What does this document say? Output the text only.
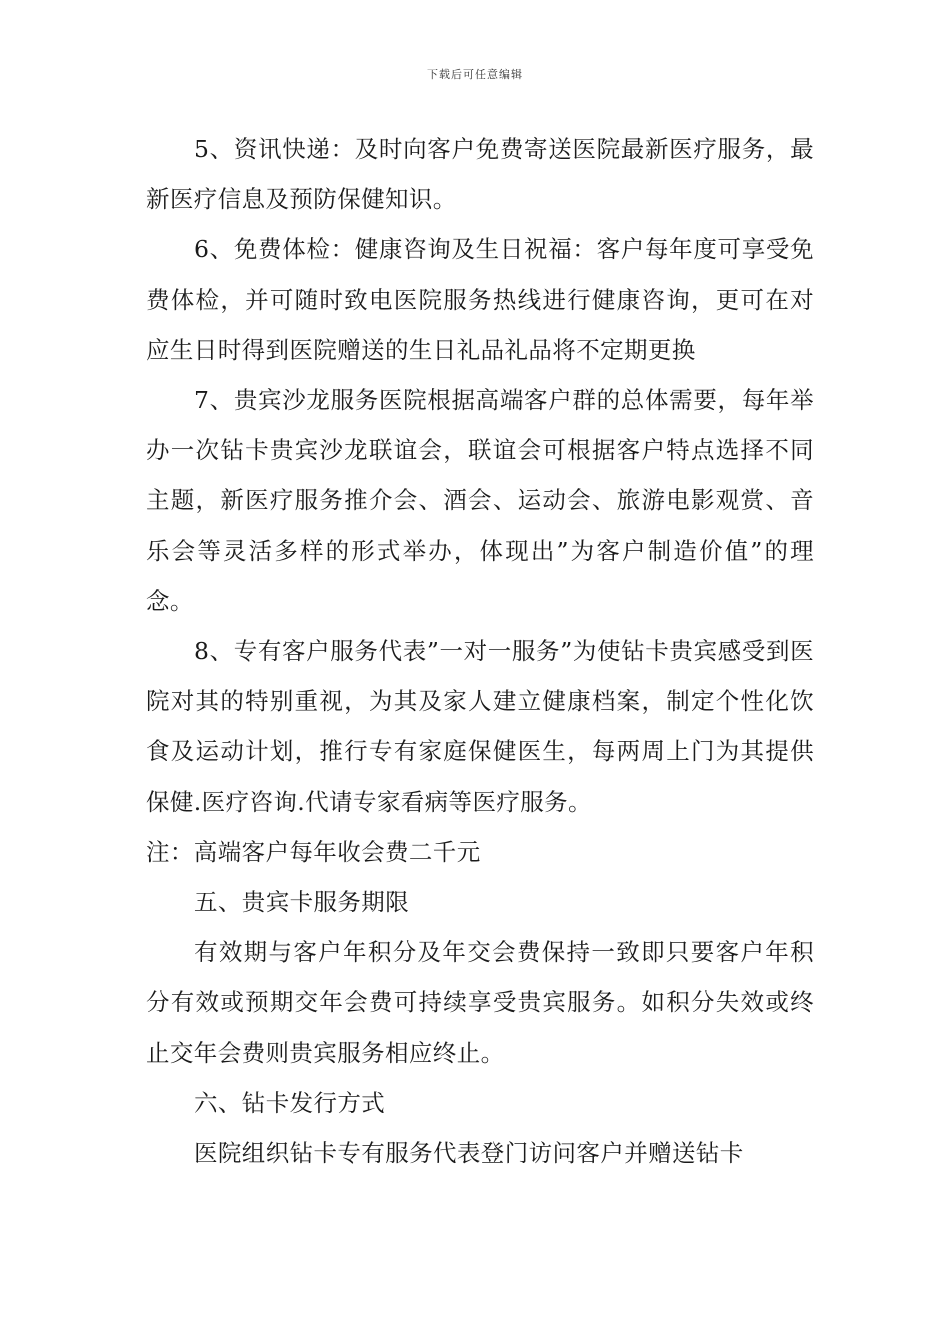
下载后可任意编辑

5、资讯快递：及时向客户免费寄送医院最新医疗服务，最新医疗信息及预防保健知识。

6、免费体检：健康咨询及生日祝福：客户每年度可享受免费体检，并可随时致电医院服务热线进行健康咨询，更可在对应生日时得到医院赠送的生日礼品礼品将不定期更换

7、贵宾沙龙服务医院根据高端客户群的总体需要，每年举办一次钻卡贵宾沙龙联谊会，联谊会可根据客户特点选择不同主题，新医疗服务推介会、酒会、运动会、旅游电影观赏、音乐会等灵活多样的形式举办，体现出”为客户制造价值”的理念。

8、专有客户服务代表”一对一服务”为使钻卡贵宾感受到医院对其的特别重视，为其及家人建立健康档案，制定个性化饮食及运动计划，推行专有家庭保健医生，每两周上门为其提供保健.医疗咨询.代请专家看病等医疗服务。

注：高端客户每年收会费二千元

五、贵宾卡服务期限

有效期与客户年积分及年交会费保持一致即只要客户年积分有效或预期交年会费可持续享受贵宾服务。如积分失效或终止交年会费则贵宾服务相应终止。

六、钻卡发行方式

医院组织钻卡专有服务代表登门访问客户并赠送钻卡
